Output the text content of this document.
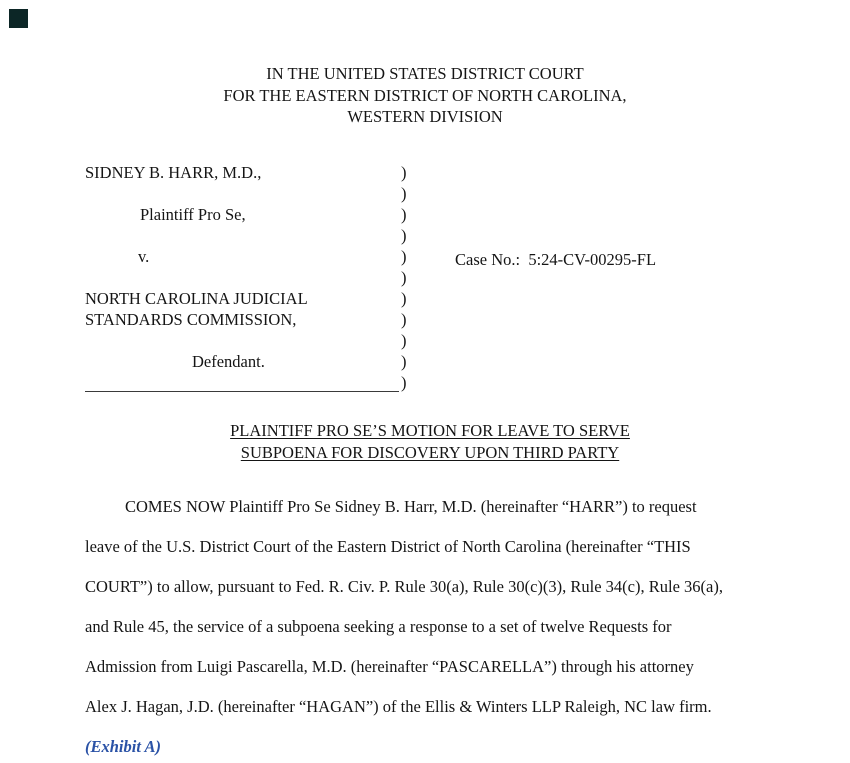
IN THE UNITED STATES DISTRICT COURT
FOR THE EASTERN DISTRICT OF NORTH CAROLINA,
WESTERN DIVISION
SIDNEY B. HARR, M.D.,	)
)
Plaintiff Pro Se,	)
)
v.	)
)
NORTH CAROLINA JUDICIAL	)
STANDARDS COMMISSION,	)
)
Defendant.	)
)
Case No.:  5:24-CV-00295-FL
PLAINTIFF PRO SE’S MOTION FOR LEAVE TO SERVE
SUBPOENA FOR DISCOVERY UPON THIRD PARTY
COMES NOW Plaintiff Pro Se Sidney B. Harr, M.D. (hereinafter “HARR”) to request
leave of the U.S. District Court of the Eastern District of North Carolina (hereinafter “THIS
COURT”) to allow, pursuant to Fed. R. Civ. P. Rule 30(a), Rule 30(c)(3), Rule 34(c), Rule 36(a),
and Rule 45, the service of a subpoena seeking a response to a set of twelve Requests for
Admission from Luigi Pascarella, M.D. (hereinafter “PASCARELLA”) through his attorney
Alex J. Hagan, J.D. (hereinafter “HAGAN”) of the Ellis & Winters LLP Raleigh, NC law firm.
(Exhibit A)
